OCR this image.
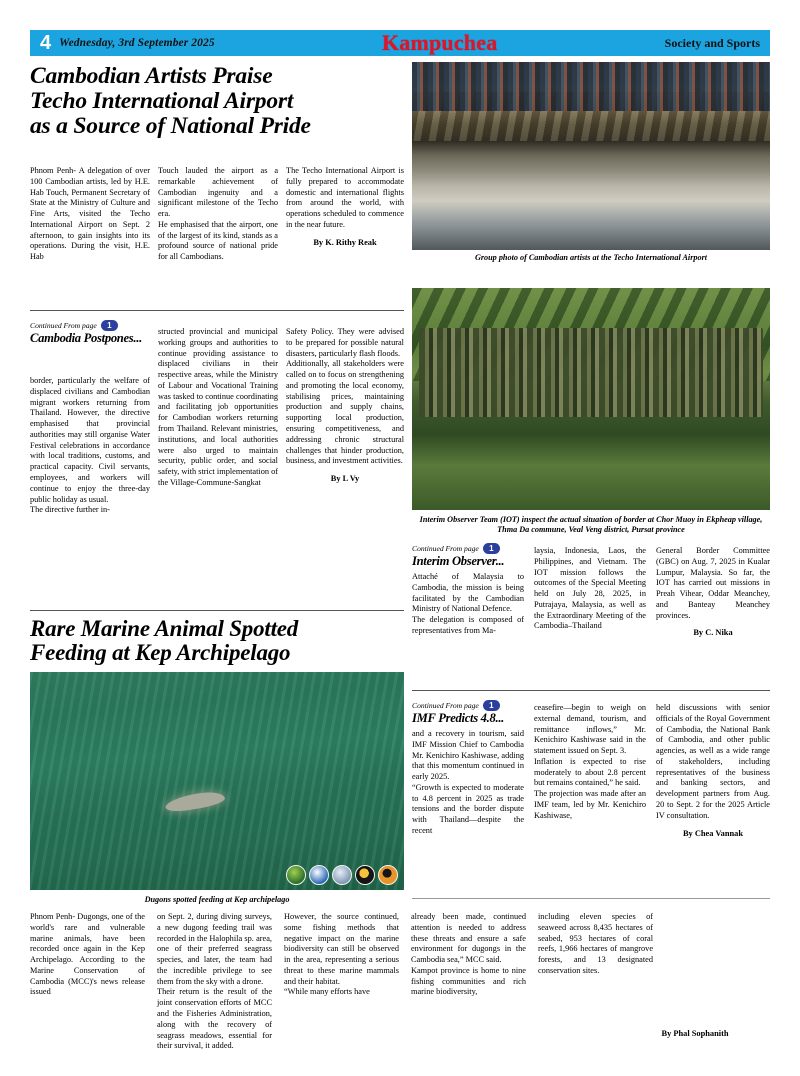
4 Wednesday, 3rd September 2025	Kampuchea	Society and Sports
Cambodian Artists Praise
Techo International Airport
as a Source of National Pride
Group photo of Cambodian artists at the Techo International Airport

Phnom Penh- A delegation of over 100 Cambodian artists, led by H.E. Hab Touch, Permanent Secretary of State at the Ministry of Culture and Fine Arts, visited the Techo International Airport on Sept. 2 afternoon, to gain insights into its operations. During the visit, H.E. Hab

Touch lauded the airport as a remarkable achievement of Cambodian ingenuity and a significant milestone of the Techo era.

He emphasised that the airport, one of the largest of its kind, stands as a profound source of national pride for all Cambodians.

The Techo International Airport is fully prepared to accommodate domestic and international flights from around the world, with operations scheduled to commence in the near future.

By K. Rithy Reak
Continued From page	1
Cambodia Postpones...

border, particularly the welfare of displaced civilians and Cambodian migrant workers returning from Thailand. However, the directive emphasised that provincial authorities may still organise Water Festival celebrations in accordance with local traditions, customs, and practical capacity. Civil servants, employees, and workers will continue to enjoy the three-day public holiday as usual.

The directive further in-

structed provincial and municipal working groups and authorities to continue providing assistance to displaced civilians in their respective areas, while the Ministry of Labour and Vocational Training was tasked to continue coordinating and facilitating job opportunities for Cambodian workers returning from Thailand. Relevant ministries, institutions, and local authorities were also urged to maintain security, public order, and social safety, with strict implementation of the Village-Commune-Sangkat

Safety Policy. They were advised to be prepared for possible natural disasters, particularly flash floods.

Additionally, all stakeholders were called on to focus on strengthening and promoting the local economy, stabilising prices, maintaining production and supply chains, supporting local production, ensuring competitiveness, and addressing chronic structural challenges that hinder production, business, and investment activities.

By L Vy
Interim Observer Team (IOT) inspect the actual situation of border at Chor Muoy in Ekpheap village, Thma Da commune, Veal Veng district, Pursat province
Continued From page	1
Interim Observer...

Attaché of Malaysia to Cambodia, the mission is being facilitated by the Cambodian Ministry of National Defence.

The delegation is composed of representatives from Ma-

laysia, Indonesia, Laos, the Philippines, and Vietnam. The IOT mission follows the outcomes of the Special Meeting held on July 28, 2025, in Putrajaya, Malaysia, as well as the Extraordinary Meeting of the Cambodia–Thailand

General Border Committee (GBC) on Aug. 7, 2025 in Kualar Lumpur, Malaysia. So far, the IOT has carried out missions in Preah Vihear, Oddar Meanchey, and Banteay Meanchey provinces.

By C. Nika
Rare Marine Animal Spotted
Feeding at Kep Archipelago
Dugons spotted feeding at Kep archipelago
Continued From page	1
IMF Predicts 4.8...

and a recovery in tourism, said IMF Mission Chief to Cambodia Mr. Kenichiro Kashiwase, adding that this momentum continued in early 2025.

“Growth is expected to moderate to 4.8 percent in 2025 as trade tensions and the border dispute with Thailand—despite the recent

ceasefire—begin to weigh on external demand, tourism, and remittance inflows,” Mr. Kenichiro Kashiwase said in the statement issued on Sept. 3.

Inflation is expected to rise moderately to about 2.8 percent but remains contained,” he said.

The projection was made after an IMF team, led by Mr. Kenichiro Kashiwase,

held discussions with senior officials of the Royal Government of Cambodia, the National Bank of Cambodia, and other public agencies, as well as a wide range of stakeholders, including representatives of the business and banking sectors, and development partners from Aug. 20 to Sept. 2 for the 2025 Article IV consultation.

By Chea Vannak

Phnom Penh- Dugongs, one of the world's rare and vulnerable marine animals, have been recorded once again in the Kep Archipelago. According to the Marine Conservation of Cambodia (MCC)'s news release issued

on Sept. 2, during diving surveys, a new dugong feeding trail was recorded in the Halophila sp. area, one of their preferred seagrass species, and later, the team had the incredible privilege to see them from the sky with a drone.

Their return is the result of the joint conservation efforts of MCC and the Fisheries Administration, along with the recovery of seagrass meadows, essential for their survival, it added.

However, the source continued, some fishing methods that negative impact on the marine biodiversity can still be observed in the area, representing a serious threat to these marine mammals and their habitat.

“While many efforts have

already been made, continued attention is needed to address these threats and ensure a safe environment for dugongs in the Cambodia sea,” MCC said.

Kampot province is home to nine fishing communities and rich marine biodiversity,

including eleven species of seaweed across 8,435 hectares of seabed, 953 hectares of coral reefs, 1,966 hectares of mangrove forests, and 13 designated conservation sites.

By Phal Sophanith
